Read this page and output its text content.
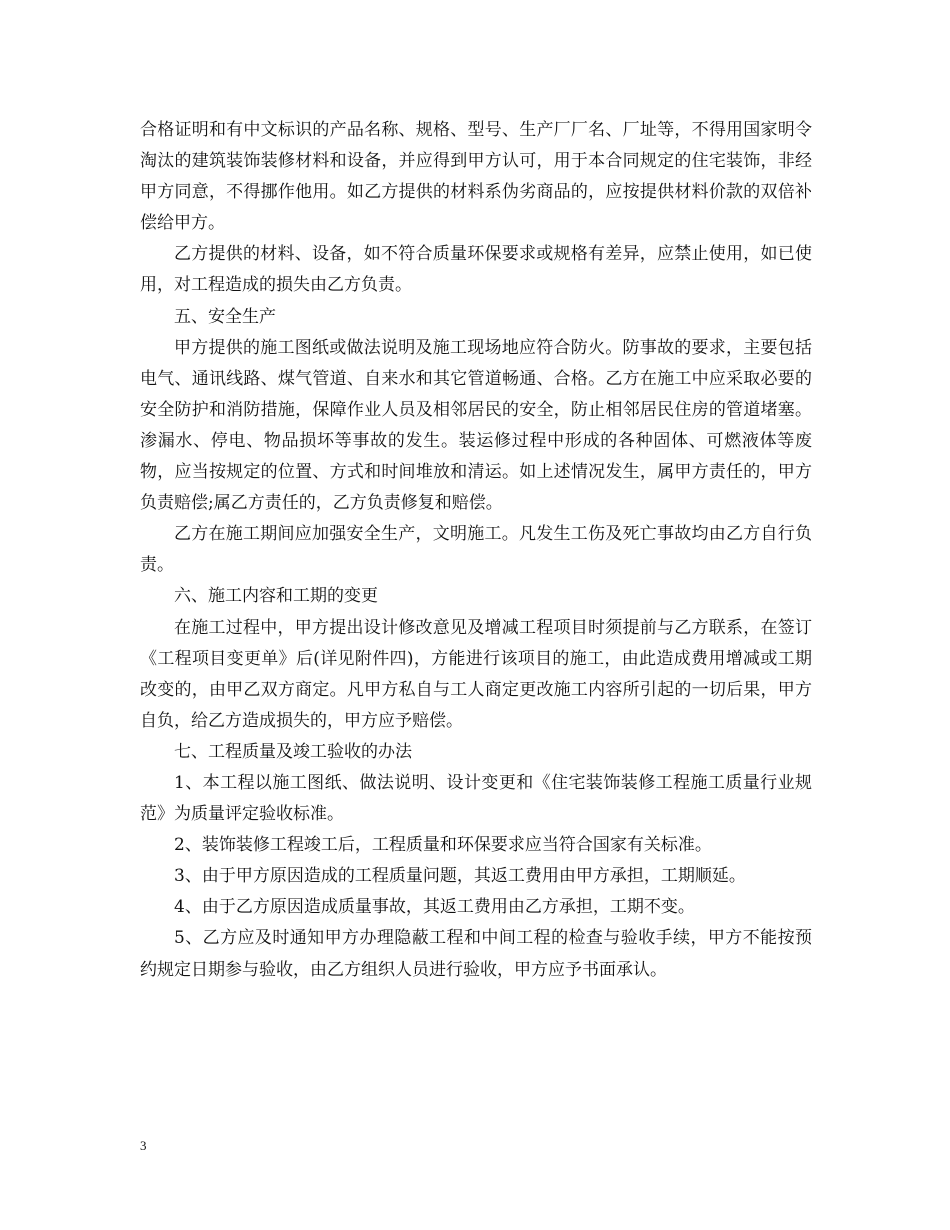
合格证明和有中文标识的产品名称、规格、型号、生产厂厂名、厂址等，不得用国家明令淘汰的建筑装饰装修材料和设备，并应得到甲方认可，用于本合同规定的住宅装饰，非经甲方同意，不得挪作他用。如乙方提供的材料系伪劣商品的，应按提供材料价款的双倍补偿给甲方。

乙方提供的材料、设备，如不符合质量环保要求或规格有差异，应禁止使用，如已使用，对工程造成的损失由乙方负责。

五、安全生产

甲方提供的施工图纸或做法说明及施工现场地应符合防火。防事故的要求，主要包括电气、通讯线路、煤气管道、自来水和其它管道畅通、合格。乙方在施工中应采取必要的安全防护和消防措施，保障作业人员及相邻居民的安全，防止相邻居民住房的管道堵塞。渗漏水、停电、物品损坏等事故的发生。装运修过程中形成的各种固体、可燃液体等废物，应当按规定的位置、方式和时间堆放和清运。如上述情况发生，属甲方责任的，甲方负责赔偿;属乙方责任的，乙方负责修复和赔偿。

乙方在施工期间应加强安全生产，文明施工。凡发生工伤及死亡事故均由乙方自行负责。

六、施工内容和工期的变更

在施工过程中，甲方提出设计修改意见及增减工程项目时须提前与乙方联系，在签订《工程项目变更单》后(详见附件四)，方能进行该项目的施工，由此造成费用增减或工期改变的，由甲乙双方商定。凡甲方私自与工人商定更改施工内容所引起的一切后果，甲方自负，给乙方造成损失的，甲方应予赔偿。

七、工程质量及竣工验收的办法

1、本工程以施工图纸、做法说明、设计变更和《住宅装饰装修工程施工质量行业规范》为质量评定验收标准。

2、装饰装修工程竣工后，工程质量和环保要求应当符合国家有关标准。

3、由于甲方原因造成的工程质量问题，其返工费用由甲方承担，工期顺延。

4、由于乙方原因造成质量事故，其返工费用由乙方承担，工期不变。

5、乙方应及时通知甲方办理隐蔽工程和中间工程的检查与验收手续，甲方不能按预约规定日期参与验收，由乙方组织人员进行验收，甲方应予书面承认。

3
